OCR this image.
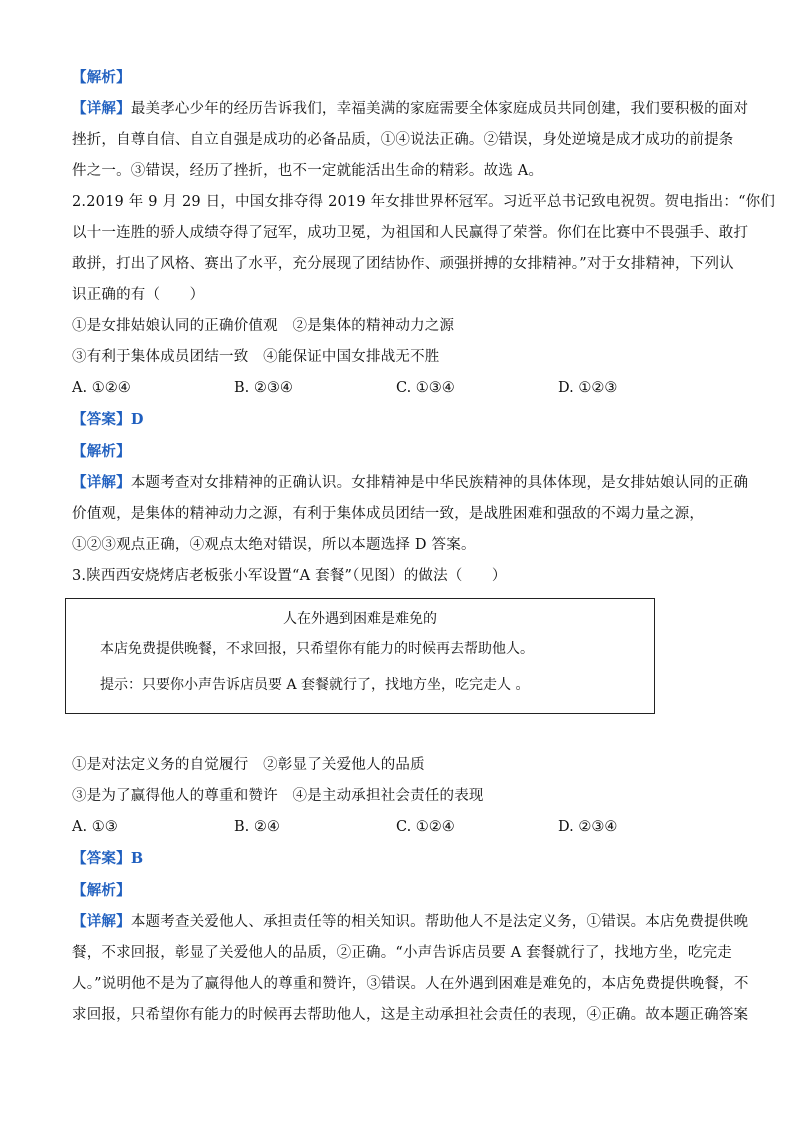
【解析】
【详解】最美孝心少年的经历告诉我们，幸福美满的家庭需要全体家庭成员共同创建，我们要积极的面对
挫折，自尊自信、自立自强是成功的必备品质，①④说法正确。②错误，身处逆境是成才成功的前提条
件之一。③错误，经历了挫折，也不一定就能活出生命的精彩。故选 A。
2.2019 年 9 月 29 日，中国女排夺得 2019 年女排世界杯冠军。习近平总书记致电祝贺。贺电指出：“你们
以十一连胜的骄人成绩夺得了冠军，成功卫冕，为祖国和人民赢得了荣誉。你们在比赛中不畏强手、敢打
敢拼，打出了风格、赛出了水平，充分展现了团结协作、顽强拼搏的女排精神。”对于女排精神，下列认
识正确的有（　　）
①是女排姑娘认同的正确价值观　②是集体的精神动力之源
③有利于集体成员团结一致　④能保证中国女排战无不胜
A. ①②④	B. ②③④	C. ①③④	D. ①②③
【答案】D
【解析】
【详解】本题考查对女排精神的正确认识。女排精神是中华民族精神的具体体现，是女排姑娘认同的正确
价值观，是集体的精神动力之源，有利于集体成员团结一致，是战胜困难和强敌的不竭力量之源，
①②③观点正确，④观点太绝对错误，所以本题选择 D 答案。
3.陕西西安烧烤店老板张小军设置“A 套餐”（见图）的做法（　　）
人在外遇到困难是难免的
本店免费提供晚餐，不求回报，只希望你有能力的时候再去帮助他人。
提示：只要你小声告诉店员要 A 套餐就行了，找地方坐，吃完走人 。
①是对法定义务的自觉履行　②彰显了关爱他人的品质
③是为了赢得他人的尊重和赞许　④是主动承担社会责任的表现
A. ①③	B. ②④	C. ①②④	D. ②③④
【答案】B
【解析】
【详解】本题考查关爱他人、承担责任等的相关知识。帮助他人不是法定义务，①错误。本店免费提供晚
餐，不求回报，彰显了关爱他人的品质，②正确。“小声告诉店员要 A 套餐就行了，找地方坐，吃完走
人。”说明他不是为了赢得他人的尊重和赞许，③错误。人在外遇到困难是难免的，本店免费提供晚餐，不
求回报，只希望你有能力的时候再去帮助他人，这是主动承担社会责任的表现，④正确。故本题正确答案
